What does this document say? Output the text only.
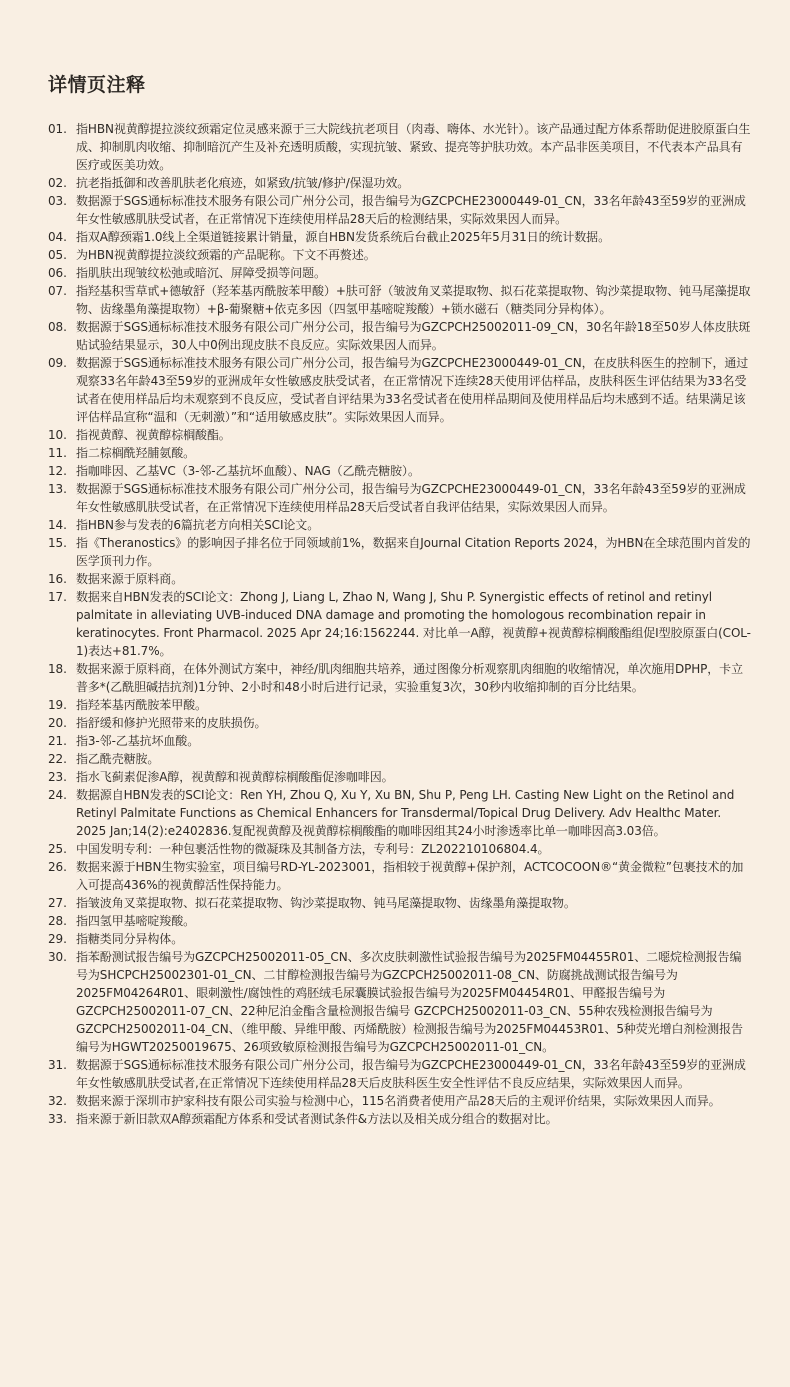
详情页注释
01. 指HBN视黄醇提拉淡纹颈霜定位灵感来源于三大院线抗老项目（肉毒、嗨体、水光针）。该产品通过配方体系帮助促进胶原蛋白生成、抑制肌肉收缩、抑制暗沉产生及补充透明质酸，实现抗皱、紧致、提亮等护肤功效。本产品非医美项目，不代表本产品具有医疗或医美功效。
02. 抗老指抵御和改善肌肤老化痕迹，如紧致/抗皱/修护/保湿功效。
03. 数据源于SGS通标标准技术服务有限公司广州分公司，报告编号为GZCPCHE23000449-01_CN，33名年龄43至59岁的亚洲成年女性敏感肌肤受试者，在正常情况下连续使用样品28天后的检测结果，实际效果因人而异。
04. 指双A醇颈霜1.0线上全渠道链接累计销量，源自HBN发货系统后台截止2025年5月31日的统计数据。
05. 为HBN视黄醇提拉淡纹颈霜的产品昵称。下文不再赘述。
06. 指肌肤出现皱纹松弛或暗沉、屏障受损等问题。
07. 指羟基积雪草甙+德敏舒（羟苯基丙酰胺苯甲酸）+肤可舒（皱波角叉菜提取物、拟石花菜提取物、钩沙菜提取物、钝马尾藻提取物、齿缘墨角藻提取物）+β-葡聚糖+依克多因（四氢甲基嘧啶羧酸）+锁水磁石（糖类同分异构体）。
08. 数据源于SGS通标标准技术服务有限公司广州分公司，报告编号为GZCPCH25002011-09_CN，30名年龄18至50岁人体皮肤斑贴试验结果显示，30人中0例出现皮肤不良反应。实际效果因人而异。
09. 数据源于SGS通标标准技术服务有限公司广州分公司，报告编号为GZCPCHE23000449-01_CN，在皮肤科医生的控制下，通过观察33名年龄43至59岁的亚洲成年女性敏感皮肤受试者，在正常情况下连续28天使用评估样品，皮肤科医生评估结果为33名受试者在使用样品后均未观察到不良反应，受试者自评结果为33名受试者在使用样品期间及使用样品后均未感到不适。结果满足该评估样品宣称“温和（无刺激）”和“适用敏感皮肤”。实际效果因人而异。
10. 指视黄醇、视黄醇棕榈酸酯。
11. 指二棕榈酰羟脯氨酸。
12. 指咖啡因、乙基VC（3-邻-乙基抗坏血酸）、NAG（乙酰壳糖胺）。
13. 数据源于SGS通标标准技术服务有限公司广州分公司，报告编号为GZCPCHE23000449-01_CN，33名年龄43至59岁的亚洲成年女性敏感肌肤受试者，在正常情况下连续使用样品28天后受试者自我评估结果，实际效果因人而异。
14. 指HBN参与发表的6篇抗老方向相关SCI论文。
15. 指《Theranostics》的影响因子排名位于同领域前1%，数据来自Journal Citation Reports 2024，为HBN在全球范围内首发的医学顶刊力作。
16. 数据来源于原料商。
17. 数据来自HBN发表的SCI论文：Zhong J, Liang L, Zhao N, Wang J, Shu P. Synergistic effects of retinol and retinyl palmitate in alleviating UVB-induced DNA damage and promoting the homologous recombination repair in keratinocytes. Front Pharmacol. 2025 Apr 24;16:1562244. 对比单一A醇，视黄醇+视黄醇棕榈酸酯组促I型胶原蛋白(COL-1)表达+81.7%。
18. 数据来源于原料商，在体外测试方案中，神经/肌肉细胞共培养，通过图像分析观察肌肉细胞的收缩情况，单次施用DPHP，卡立普多*(乙酰胆碱拮抗剂)1分钟、2小时和48小时后进行记录，实验重复3次，30秒内收缩抑制的百分比结果。
19. 指羟苯基丙酰胺苯甲酸。
20. 指舒缓和修护光照带来的皮肤损伤。
21. 指3-邻-乙基抗坏血酸。
22. 指乙酰壳糖胺。
23. 指水飞蓟素促渗A醇，视黄醇和视黄醇棕榈酸酯促渗咖啡因。
24. 数据源自HBN发表的SCI论文：Ren YH, Zhou Q, Xu Y, Xu BN, Shu P, Peng LH. Casting New Light on the Retinol and Retinyl Palmitate Functions as Chemical Enhancers for Transdermal/Topical Drug Delivery. Adv Healthc Mater. 2025 Jan;14(2):e2402836.复配视黄醇及视黄醇棕榈酸酯的咖啡因组其24小时渗透率比单一咖啡因高3.03倍。
25. 中国发明专利：一种包裹活性物的微凝珠及其制备方法，专利号：ZL202210106804.4。
26. 数据来源于HBN生物实验室，项目编号RD-YL-2023001，指相较于视黄醇+保护剂，ACTCOCOON®“黄金微粒”包裹技术的加入可提高436%的视黄醇活性保持能力。
27. 指皱波角叉菜提取物、拟石花菜提取物、钩沙菜提取物、钝马尾藻提取物、齿缘墨角藻提取物。
28. 指四氢甲基嘧啶羧酸。
29. 指糖类同分异构体。
30. 指苯酚测试报告编号为GZCPCH25002011-05_CN、多次皮肤刺激性试验报告编号为2025FM04455R01、二噁烷检测报告编号为SHCPCH25002301-01_CN、二甘醇检测报告编号为GZCPCH25002011-08_CN、防腐挑战测试报告编号为2025FM04264R01、眼刺激性/腐蚀性的鸡胚绒毛尿囊膜试验报告编号为2025FM04454R01、甲醛报告编号为GZCPCH25002011-07_CN、22种尼泊金酯含量检测报告编号 GZCPCH25002011-03_CN、55种农残检测报告编号为GZCPCH25002011-04_CN、（维甲酸、异维甲酸、丙烯酰胺）检测报告编号为2025FM04453R01、5种荧光增白剂检测报告编号为HGWT20250019675、26项致敏原检测报告编号为GZCPCH25002011-01_CN。
31. 数据源于SGS通标标准技术服务有限公司广州分公司，报告编号为GZCPCHE23000449-01_CN，33名年龄43至59岁的亚洲成年女性敏感肌肤受试者,在正常情况下连续使用样品28天后皮肤科医生安全性评估不良反应结果，实际效果因人而异。
32. 数据来源于深圳市护家科技有限公司实验与检测中心，115名消费者使用产品28天后的主观评价结果，实际效果因人而异。
33. 指来源于新旧款双A醇颈霜配方体系和受试者测试条件&方法以及相关成分组合的数据对比。
